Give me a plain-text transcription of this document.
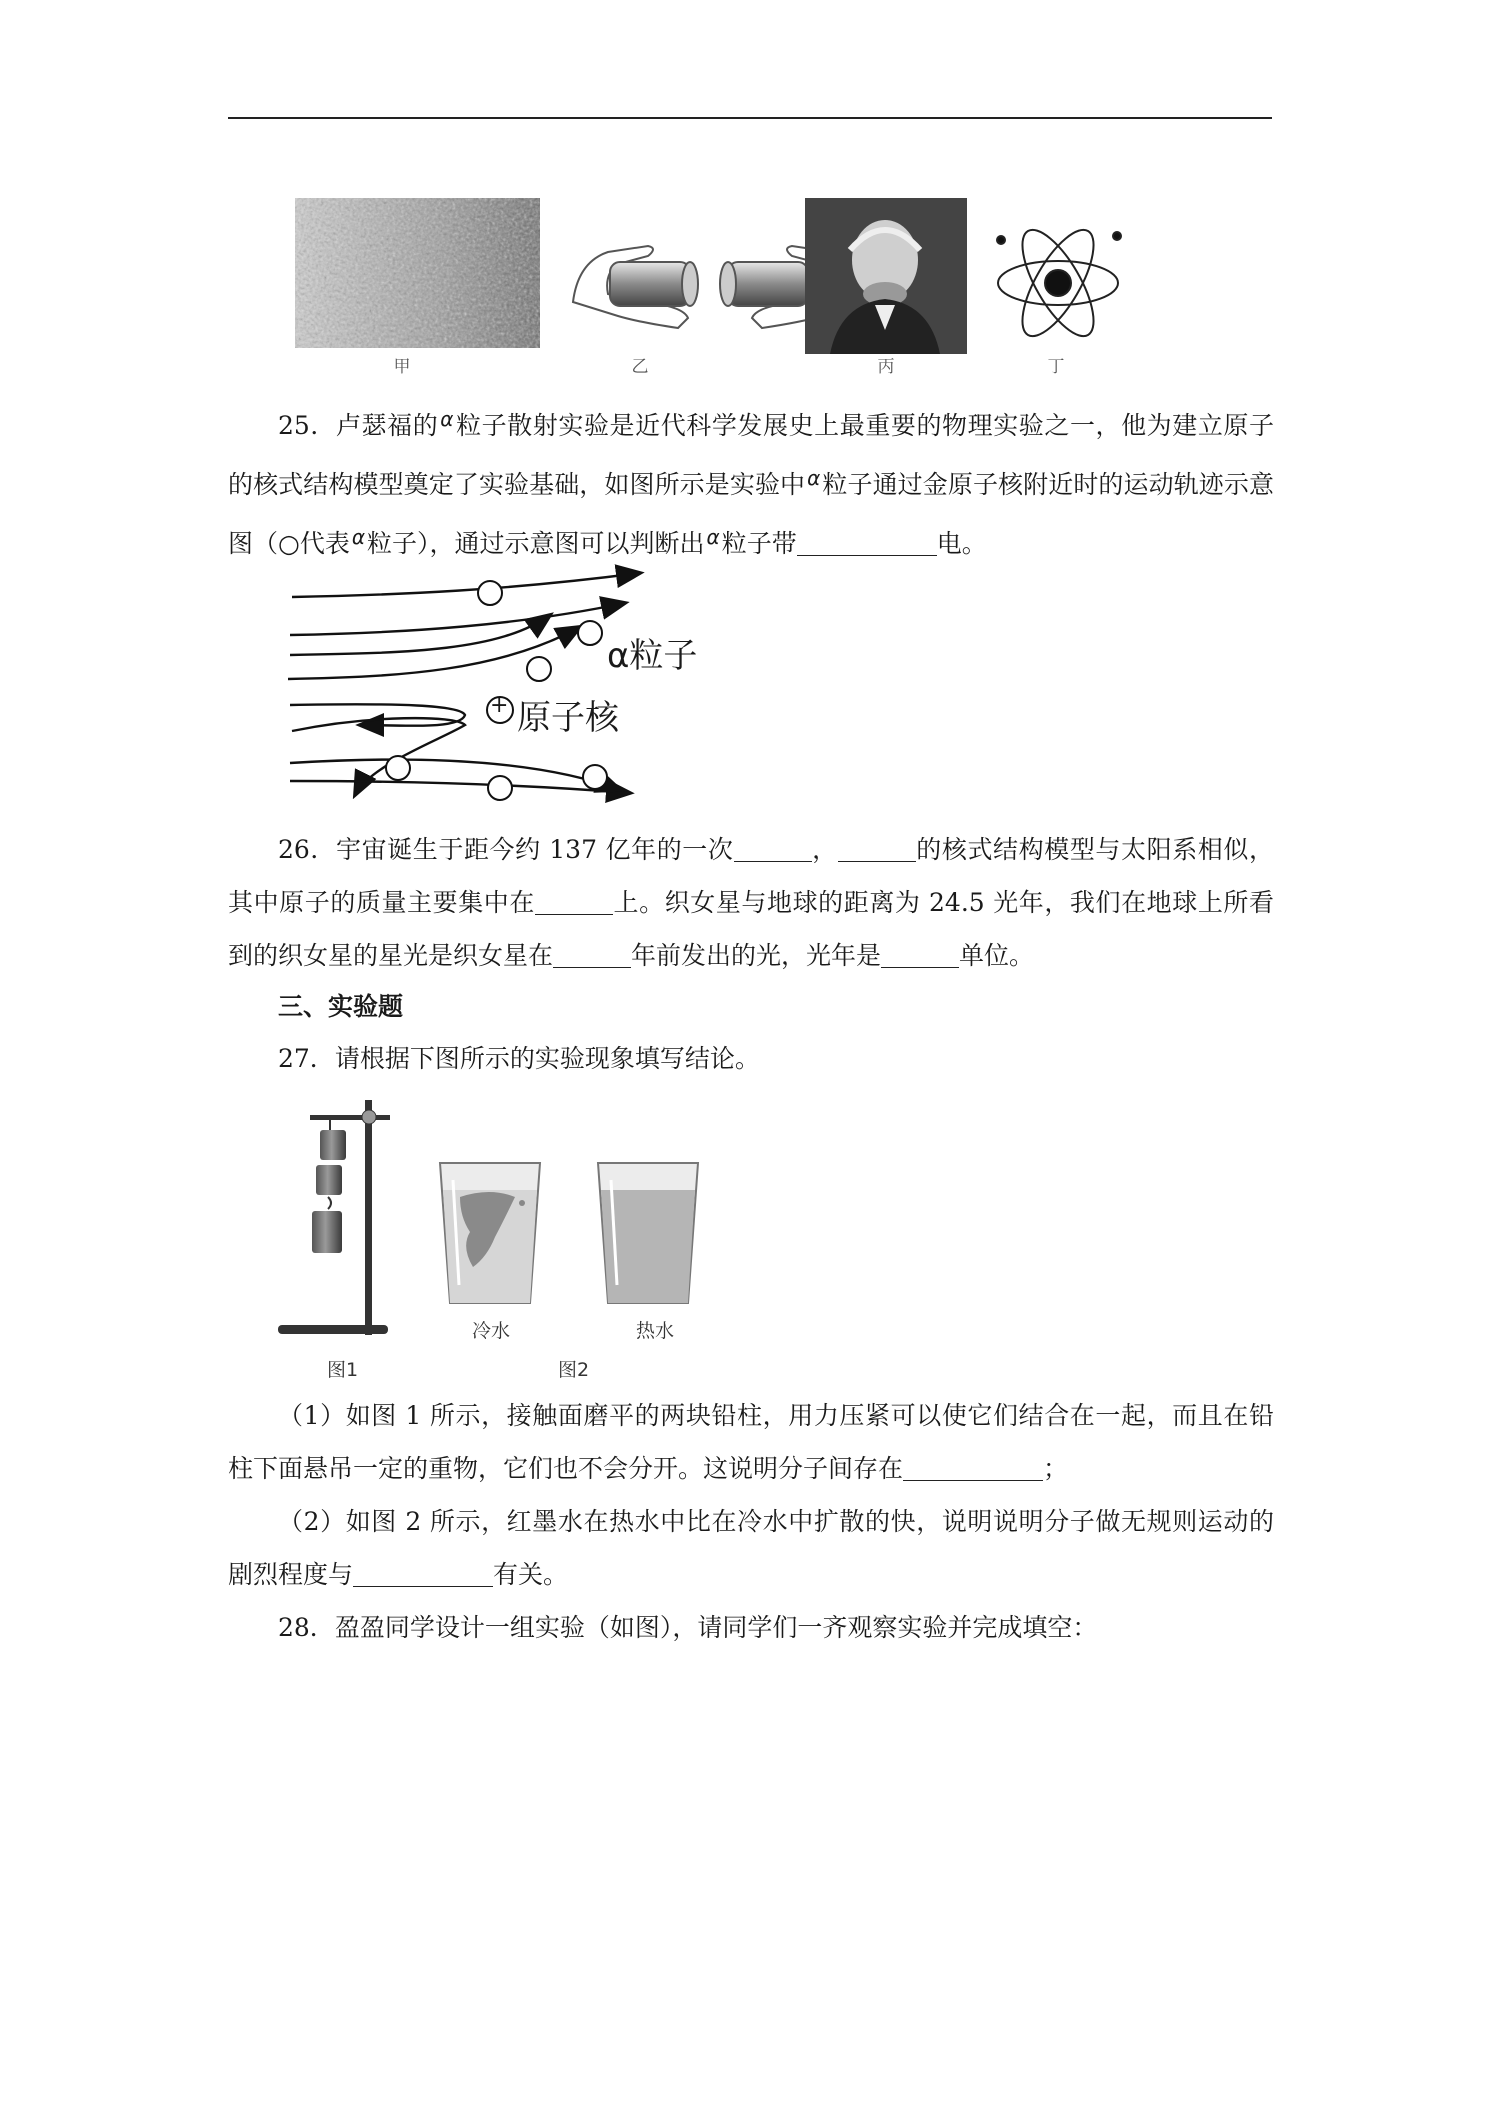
甲	乙	丙	丁

25．卢瑟福的 $^\alpha$粒子散射实验是近代科学发展史上最重要的物理实验之一，他为建立原子的核式结构模型奠定了实验基础，如图所示是实验中 $^\alpha$粒子通过金原子核附近时的运动轨迹示意图（○代表 $^\alpha$粒子），通过示意图可以判断出 $^\alpha$粒子带	电。

+
α粒子
原子核

26．宇宙诞生于距今约 137 亿年的一次	，	的核式结构模型与太阳系相似，其中原子的质量主要集中在	上。织女星与地球的距离为 24.5 光年，我们在地球上所看到的织女星的星光是织女星在	年前发出的光，光年是	单位。

三、实验题

27．请根据下图所示的实验现象填写结论。

冷水	热水
图1	图2

（1）如图 1 所示，接触面磨平的两块铅柱，用力压紧可以使它们结合在一起，而且在铅柱下面悬吊一定的重物，它们也不会分开。这说明分子间存在	；

（2）如图 2 所示，红墨水在热水中比在冷水中扩散的快，说明说明分子做无规则运动的剧烈程度与	有关。

28．盈盈同学设计一组实验（如图），请同学们一齐观察实验并完成填空：
